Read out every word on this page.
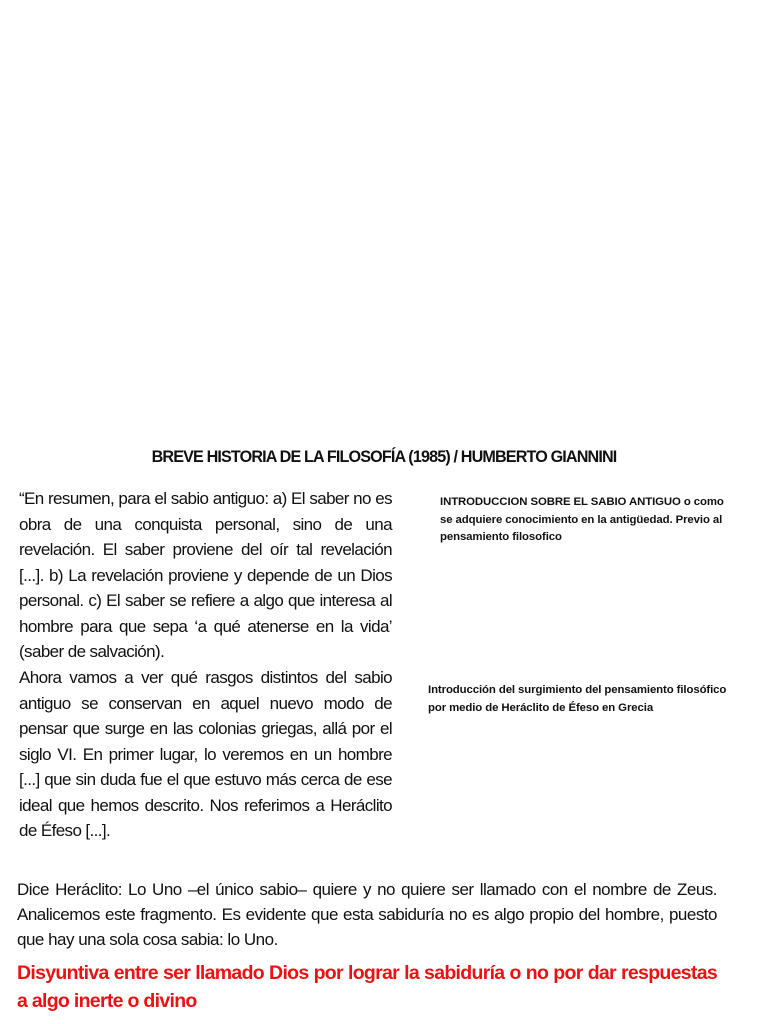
BREVE HISTORIA DE LA FILOSOFÍA (1985) / HUMBERTO GIANNINI

“En resumen, para el sabio antiguo: a) El saber no es obra de una conquista personal, sino de una revelación. El saber proviene del oír tal revelación [...]. b) La revelación proviene y depende de un Dios personal. c) El saber se refiere a algo que interesa al hombre para que sepa ‘a qué atenerse en la vida’ (saber de salvación).

Ahora vamos a ver qué rasgos distintos del sabio antiguo se conservan en aquel nuevo modo de pensar que surge en las colonias griegas, allá por el siglo VI. En primer lugar, lo veremos en un hombre [...] que sin duda fue el que estuvo más cerca de ese ideal que hemos descrito. Nos referimos a Heráclito de Éfeso [...].

INTRODUCCION SOBRE EL SABIO ANTIGUO o como se adquiere conocimiento en la antigüedad. Previo al pensamiento filosofico

Introducción del surgimiento del pensamiento filosófico por medio de Heráclito de Éfeso en Grecia

Dice Heráclito: Lo Uno –el único sabio– quiere y no quiere ser llamado con el nombre de Zeus. Analicemos este fragmento. Es evidente que esta sabiduría no es algo propio del hombre, puesto que hay una sola cosa sabia: lo Uno.

Disyuntiva entre ser llamado Dios por lograr la sabiduría o no por dar respuestas a algo inerte o divino
